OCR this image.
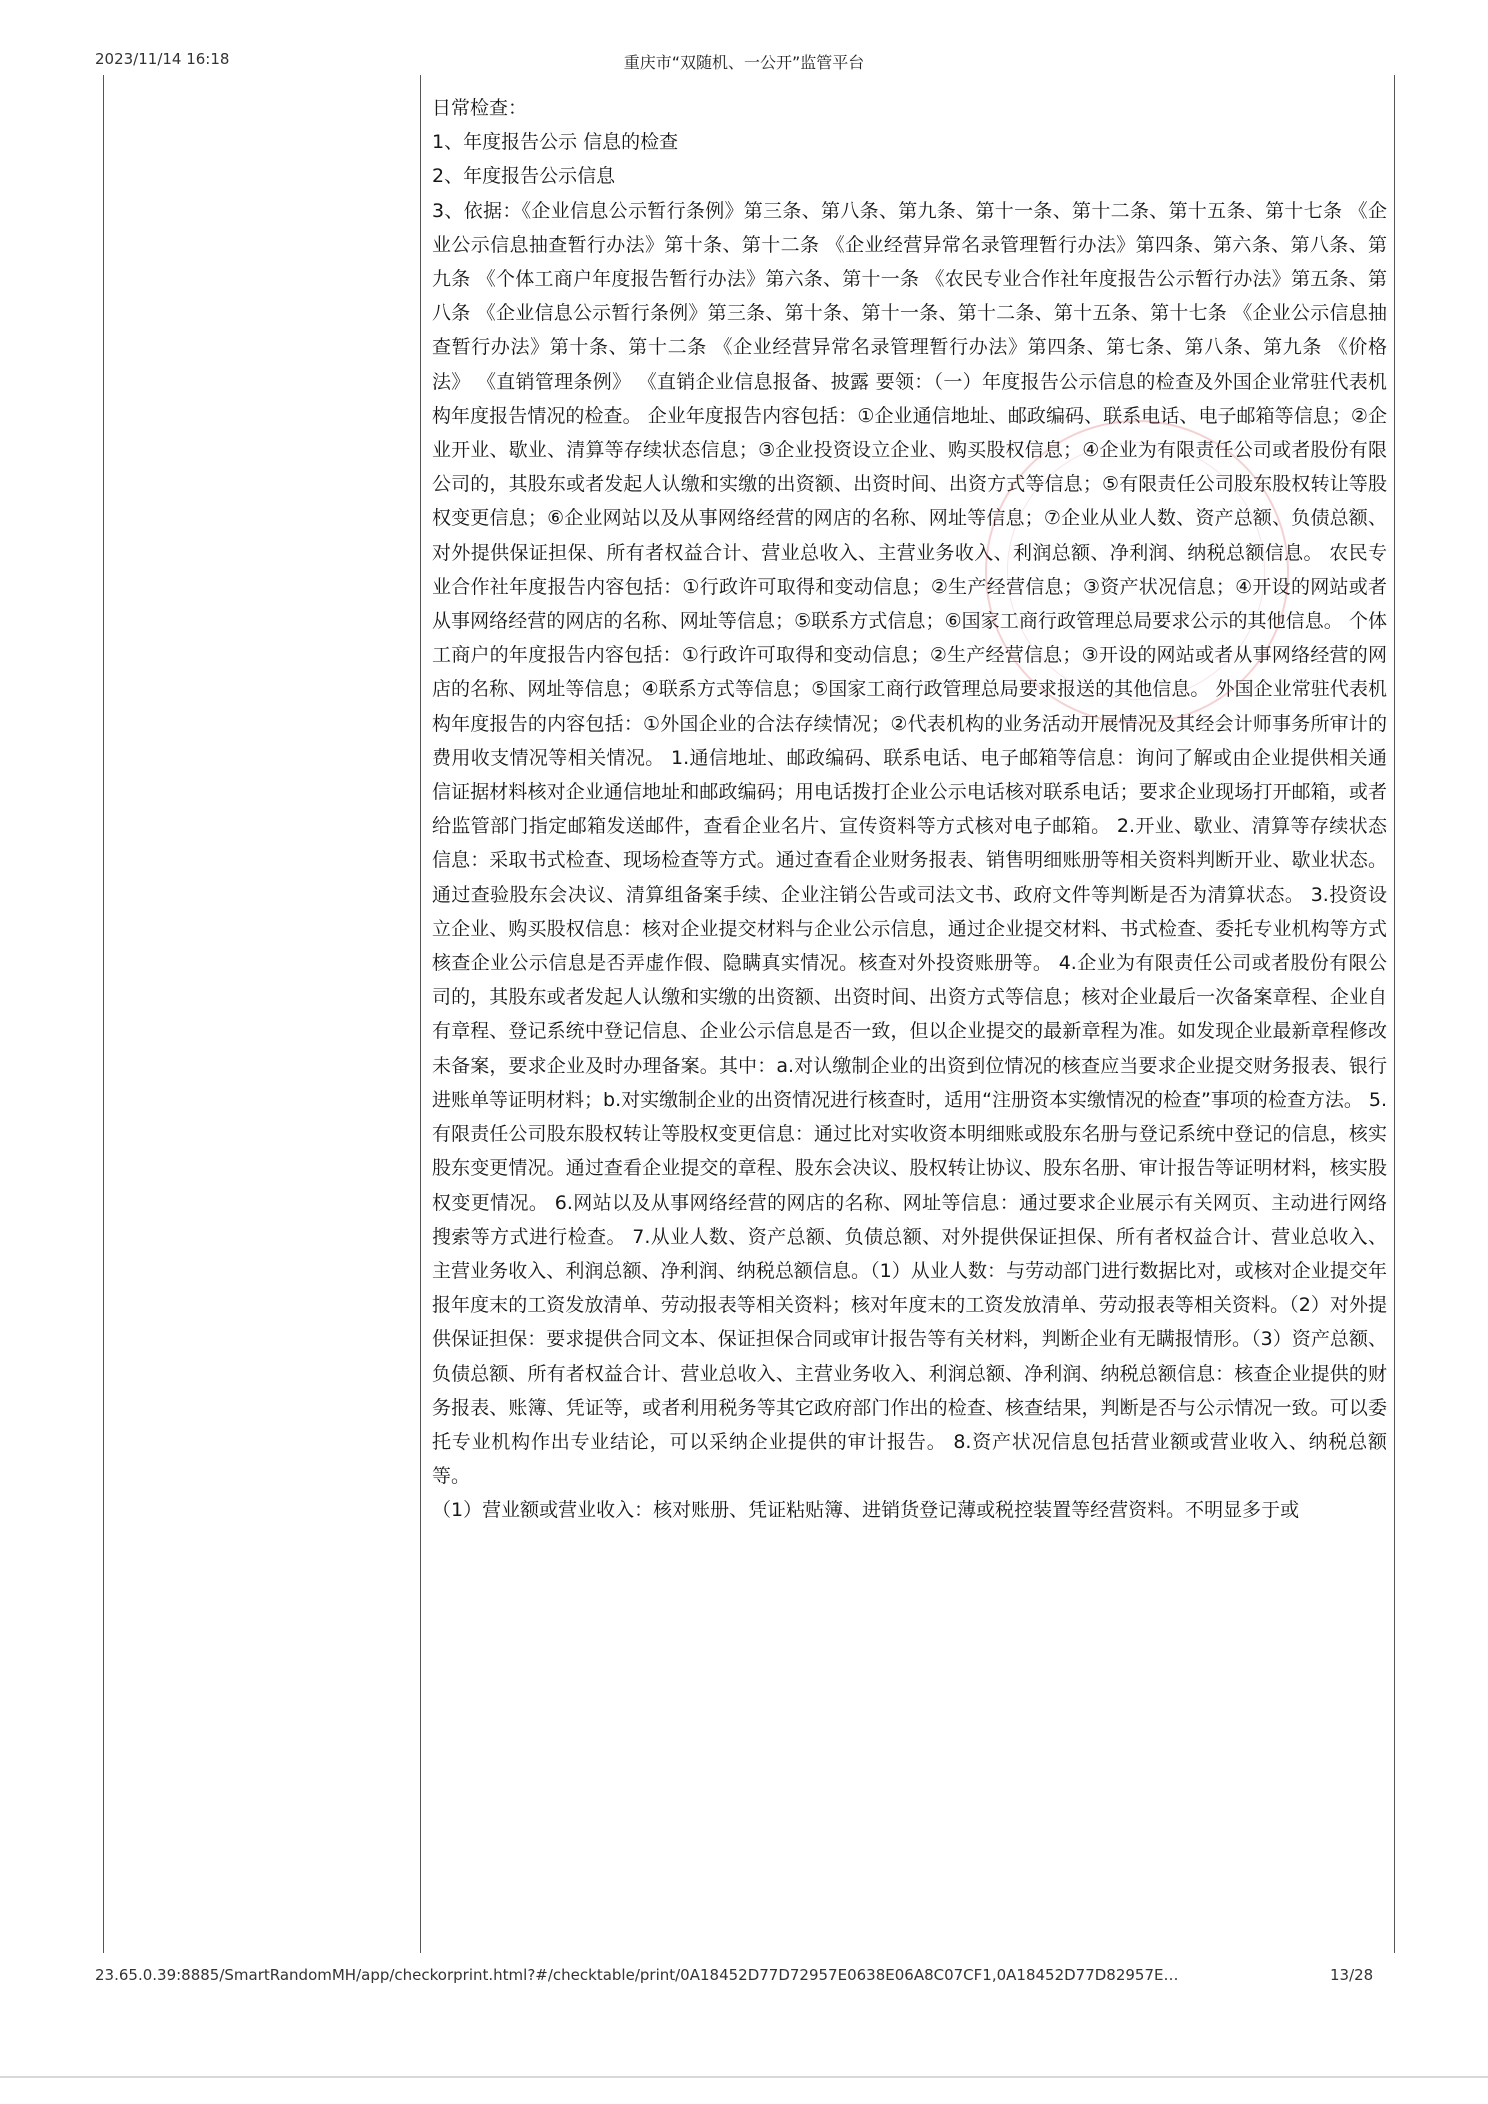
2023/11/14 16:18	重庆市“双随机、一公开”监管平台

日常检查：

1、年度报告公示 信息的检查

2、年度报告公示信息

3、依据：《企业信息公示暂行条例》第三条、第八条、第九条、第十一条、第十二条、第十五条、第十七条 《企业公示信息抽查暂行办法》第十条、第十二条 《企业经营异常名录管理暂行办法》第四条、第六条、第八条、第九条 《个体工商户年度报告暂行办法》第六条、第十一条 《农民专业合作社年度报告公示暂行办法》第五条、第八条 《企业信息公示暂行条例》第三条、第十条、第十一条、第十二条、第十五条、第十七条 《企业公示信息抽查暂行办法》第十条、第十二条 《企业经营异常名录管理暂行办法》第四条、第七条、第八条、第九条 《价格法》 《直销管理条例》 《直销企业信息报备、披露 要领：（一）年度报告公示信息的检查及外国企业常驻代表机构年度报告情况的检查。 企业年度报告内容包括：①企业通信地址、邮政编码、联系电话、电子邮箱等信息；②企业开业、歇业、清算等存续状态信息；③企业投资设立企业、购买股权信息；④企业为有限责任公司或者股份有限公司的，其股东或者发起人认缴和实缴的出资额、出资时间、出资方式等信息；⑤有限责任公司股东股权转让等股权变更信息；⑥企业网站以及从事网络经营的网店的名称、网址等信息；⑦企业从业人数、资产总额、负债总额、对外提供保证担保、所有者权益合计、营业总收入、主营业务收入、利润总额、净利润、纳税总额信息。 农民专业合作社年度报告内容包括：①行政许可取得和变动信息；②生产经营信息；③资产状况信息；④开设的网站或者从事网络经营的网店的名称、网址等信息；⑤联系方式信息；⑥国家工商行政管理总局要求公示的其他信息。 个体工商户的年度报告内容包括：①行政许可取得和变动信息；②生产经营信息；③开设的网站或者从事网络经营的网店的名称、网址等信息；④联系方式等信息；⑤国家工商行政管理总局要求报送的其他信息。 外国企业常驻代表机构年度报告的内容包括：①外国企业的合法存续情况；②代表机构的业务活动开展情况及其经会计师事务所审计的费用收支情况等相关情况。 1.通信地址、邮政编码、联系电话、电子邮箱等信息：询问了解或由企业提供相关通信证据材料核对企业通信地址和邮政编码；用电话拨打企业公示电话核对联系电话；要求企业现场打开邮箱，或者给监管部门指定邮箱发送邮件，查看企业名片、宣传资料等方式核对电子邮箱。 2.开业、歇业、清算等存续状态信息：采取书式检查、现场检查等方式。通过查看企业财务报表、销售明细账册等相关资料判断开业、歇业状态。通过查验股东会决议、清算组备案手续、企业注销公告或司法文书、政府文件等判断是否为清算状态。 3.投资设立企业、购买股权信息：核对企业提交材料与企业公示信息，通过企业提交材料、书式检查、委托专业机构等方式核查企业公示信息是否弄虚作假、隐瞒真实情况。核查对外投资账册等。 4.企业为有限责任公司或者股份有限公司的，其股东或者发起人认缴和实缴的出资额、出资时间、出资方式等信息；核对企业最后一次备案章程、企业自有章程、登记系统中登记信息、企业公示信息是否一致，但以企业提交的最新章程为准。如发现企业最新章程修改未备案，要求企业及时办理备案。其中：a.对认缴制企业的出资到位情况的核查应当要求企业提交财务报表、银行进账单等证明材料；b.对实缴制企业的出资情况进行核查时，适用“注册资本实缴情况的检查”事项的检查方法。 5.有限责任公司股东股权转让等股权变更信息：通过比对实收资本明细账或股东名册与登记系统中登记的信息，核实股东变更情况。通过查看企业提交的章程、股东会决议、股权转让协议、股东名册、审计报告等证明材料，核实股权变更情况。 6.网站以及从事网络经营的网店的名称、网址等信息：通过要求企业展示有关网页、主动进行网络搜索等方式进行检查。 7.从业人数、资产总额、负债总额、对外提供保证担保、所有者权益合计、营业总收入、主营业务收入、利润总额、净利润、纳税总额信息。（1）从业人数：与劳动部门进行数据比对，或核对企业提交年报年度末的工资发放清单、劳动报表等相关资料；核对年度末的工资发放清单、劳动报表等相关资料。（2）对外提供保证担保：要求提供合同文本、保证担保合同或审计报告等有关材料，判断企业有无瞒报情形。（3）资产总额、负债总额、所有者权益合计、营业总收入、主营业务收入、利润总额、净利润、纳税总额信息：核查企业提供的财务报表、账簿、凭证等，或者利用税务等其它政府部门作出的检查、核查结果，判断是否与公示情况一致。可以委托专业机构作出专业结论，可以采纳企业提供的审计报告。 8.资产状况信息包括营业额或营业收入、纳税总额等。

（1）营业额或营业收入：核对账册、凭证粘贴簿、进销货登记薄或税控装置等经营资料。不明显多于或

23.65.0.39:8885/SmartRandomMH/app/checkorprint.html?#/checktable/print/0A18452D77D72957E0638E06A8C07CF1,0A18452D77D82957E…	13/28
